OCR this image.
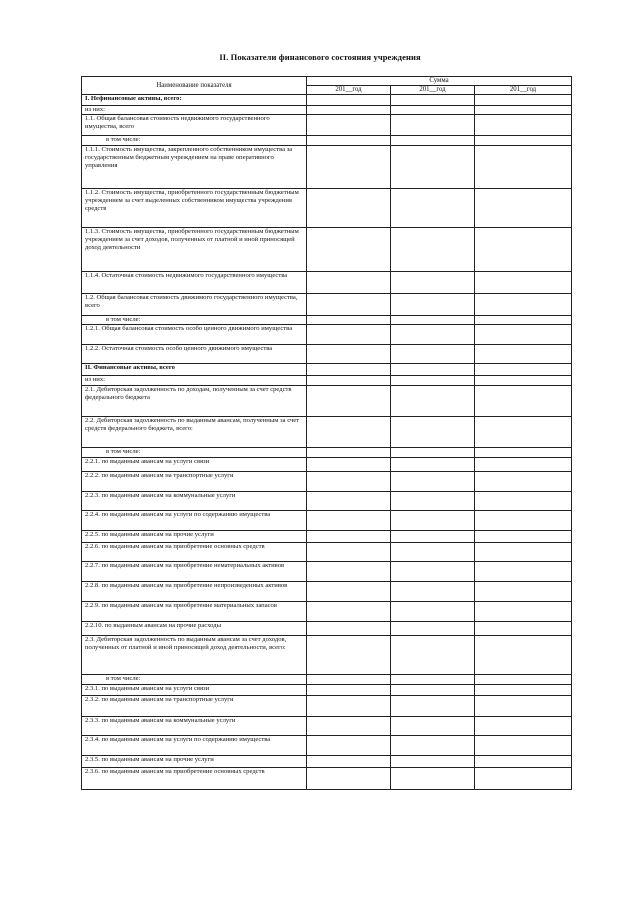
II. Показатели финансового состояния учреждения
Наименование показателя	Сумма		
	201__год	201__год	201__год
I. Нефинансовые активы, всего:			
из них:			
1.1. Общая балансовая стоимость недвижимого государственного имущества, всего			
в том числе:			
1.1.1. Стоимость имущества, закрепленного собственником имущества за государственным бюджетным учреждением на праве оперативного управления			
1.1.2. Стоимость имущества, приобретенного государственным бюджетным учреждением за счет выделенных собственником имущества учреждения средств			
1.1.3. Стоимость имущества, приобретенного государственным бюджетным учреждением за счет доходов, полученных от платной и иной приносящей доход деятельности			
1.1.4. Остаточная стоимость недвижимого государственного имущества			
1.2. Общая балансовая стоимость движимого государственного имущества, всего			
в том числе:			
1.2.1. Общая балансовая стоимость особо ценного движимого имущества			
1.2.2. Остаточная стоимость особо ценного движимого имущества			
II. Финансовые активы, всего			
из них:			
2.1. Дебиторская задолженность по доходам, полученным за счет средств федерального бюджета			
2.2. Дебиторская задолженность по выданным авансам, полученным за счет средств федерального бюджета, всего:			
в том числе:			
2.2.1. по выданным авансам на услуги связи			
2.2.2. по выданным авансам на транспортные услуги			
2.2.3. по выданным авансам на коммунальные услуги			
2.2.4. по выданным авансам на услуги по содержанию имущества			
2.2.5. по выданным авансам на прочие услуги			
2.2.6. по выданным авансам на приобретение основных средств			
2.2.7. по выданным авансам на приобретение нематериальных активов			
2.2.8. по выданным авансам на приобретение непроизведенных активов			
2.2.9. по выданным авансам на приобретение материальных запасов			
2.2.10. по выданным авансам на прочие расходы			
2.3. Дебиторская задолженность по выданным авансам за счет доходов, полученных от платной и иной приносящей доход деятельности, всего:			
в том числе:			
2.3.1. по выданным авансам на услуги связи			
2.3.2. по выданным авансам на транспортные услуги			
2.3.3. по выданным авансам на коммунальные услуги			
2.3.4. по выданным авансам на услуги по содержанию имущества			
2.3.5. по выданным авансам на прочие услуги			
2.3.6. по выданным авансам на приобретение основных средств			
